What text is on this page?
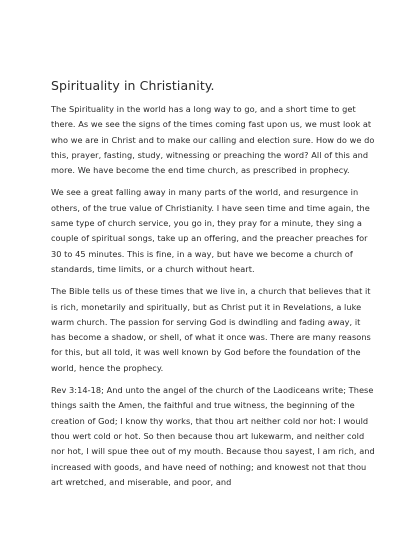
Spirituality in Christianity.

The Spirituality in the world has a long way to go, and a short time to get there. As we see the signs of the times coming fast upon us, we must look at who we are in Christ and to make our calling and election sure. How do we do this, prayer, fasting, study, witnessing or preaching the word? All of this and more. We have become the end time church, as prescribed in prophecy.

We see a great falling away in many parts of the world, and resurgence in others, of the true value of Christianity. I have seen time and time again, the same type of church service, you go in, they pray for a minute, they sing a couple of spiritual songs, take up an offering, and the preacher preaches for 30 to 45 minutes. This is fine, in a way, but have we become a church of standards, time limits, or a church without heart.

The Bible tells us of these times that we live in, a church that believes that it is rich, monetarily and spiritually, but as Christ put it in Revelations, a luke warm church. The passion for serving God is dwindling and fading away, it has become a shadow, or shell, of what it once was. There are many reasons for this, but all told, it was well known by God before the foundation of the world, hence the prophecy.

Rev 3:14-18; And unto the angel of the church of the Laodiceans write; These things saith the Amen, the faithful and true witness, the beginning of the creation of God; I know thy works, that thou art neither cold nor hot: I would thou wert cold or hot. So then because thou art lukewarm, and neither cold nor hot, I will spue thee out of my mouth. Because thou sayest, I am rich, and increased with goods, and have need of nothing; and knowest not that thou art wretched, and miserable, and poor, and
